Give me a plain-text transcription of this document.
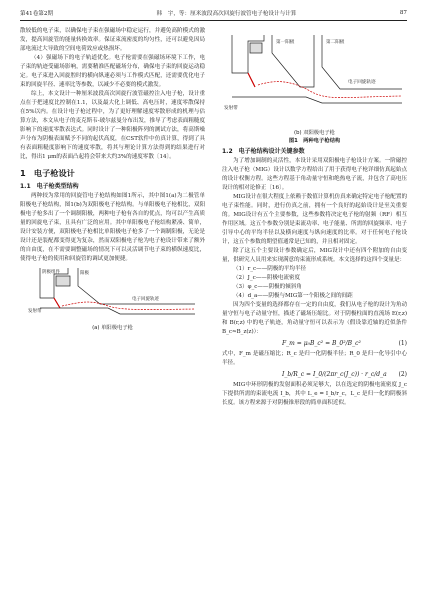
第41卷第2期	韩　宇，等：厘米波段高次回旋行波管电子枪设计与计算	87

散较低的电子束，以确保电子束在强磁场中稳定运行，并避免高阶模式的激发，提高回旋管的能量转换效率。保证束流密度的均匀性，还可以避免因局部电流过大导致的空间电荷效应或热损坏。

（4）强磁场下的电子轨道优化。电子枪需要在强磁场环境下工作，电子束的轨迹受磁场影响，需要精准匹配磁场分布，确保电子束的回旋运动稳定。电子束进入回旋腔时的横向纵速必须与工作模式匹配，还需要优化电子束的回旋半径、速率比等参数，以减少不必要的模式激发。

综上，本文设计一种厘米波段高次回旋行波管磁控注入电子枪，设计重点在于把速度比控制在1.1，以及最大化上调低、高电压时，速度零散保持在5%以内。在设计电子枪过程中，为了更好理解速度零散形成的机理与估算方法，本文从电子的麦克斯韦-玻尔兹曼分布出发，推导了考虑表面粗糙度影响下的速度零散表达式。同时设计了一种阳极阵列的测试方法，将高斯噪声分布为阴极表面赋予不同的起伏高度，在CST软件中仿真计算，得到了具有表面粗糙度影响下的速度零散，将其与理论计算方法得到的结果进行对比，得出1 μm的表面凸起将会带来大约3%的速度零散〔14〕。

1　电子枪设计
1.1　电子枪类型结构

两种较为常用的回旋管电子枪结构如图1所示，其中图1(a)为二极管单阳极电子枪结构，图1(b)为双阳极电子枪结构。与单阳极电子枪相比，双阳极电子枪多出了一个调制阳极，两种电子枪有各自的优点，均可以产生高质量的回旋电子束，且具有广泛的应用。其中单阳极电子枪结构紧凑、简单，设计安装方便，双阳极电子枪相比单阳极电子枪多了一个调制阳极，无论是设计还是装配都变得更为复杂，然而双阳极电子枪为电子枪设计带来了额外的自由度，在不需要调整磁场的情况下可以灵活调节电子束的横纵速度比，使得电子枪的使用和回旋管的调试更加便捷。

阴极组件	阳极
电子回旋轨迹
发射带
(a) 单阳极电子枪
第二阳极
第一阳极
电子回旋轨迹
发射带
(b) 双阳极电子枪
图1　两种电子枪结构
1.2　电子枪结构设计关键参数

为了增加调制的灵活性，本设计采用双阳极电子枪设计方案。一阶磁控注入电子枪（MIG）设计以数学方程给出了用于获得电子枪详细仿真起始点的设计权衡方程。这些方程基于角动量守恒和绝热电子流，并包含了高电压设计的相对论修正〔16〕。

MIG设计在很大程度上依赖于数值计算机仿真来确定特定电子枪配置的电子束性能。同时，进行仿真之前，拥有一个良好的起始设计是至关重要的。MIG设计有五个主要参数，这些参数将决定电子枪的射频（RF）相互作用区域。这五个参数分别是束流功率、电子能量、所需的回旋频率、电子引导中心的平均半径以及横向速度与纵向速度的比率。对于任何电子枪设计，这五个参数的期望值通常是已知的，并且相对固定。

除了这五个主要设计参数确定后，MIG设计中还有四个附加的自由变量，供研究人员用来实现满意的束流形成系统。本文选择的这四个变量是：

（1）r_c——阴极的平均半径

（2）J_c——阴极电流密度

（3）φ_c——阴极的倾斜角

（4）d_a——阴极与MIG第一个阳极之间的间距

因为四个变量的选择都存在一定的自由度，我们从电子枪的设计为角动量守恒与电子动量守恒，描述了磁场压缩比。对于阴极柱面的直流场 E(r,z) 和 B(r,z) 中的电子轨迹，角动量守恒可以表示为（假设靠近轴的近似条件 B_c≈B_z(z)）：

F_m = μ₀B_c² = B_0²/B_c²	(1)

式中，F_m 是磁压缩比；R_c 是归一化阴极半径；R_0 是归一化导引中心半径。

I_b/R_c = I_0/(2πr_c(J_c)) · r_c/d_a (2)

MIG中环形阴极的发射面积必须足够大，以在选定的阴极电流密度 J_c 下提供所需的束流电流 I_b，其中 L_e = I_b/r_c，L_c 是归一化的阴极斜长度。该方程来源于对阴极锥形段的简单面积近似。
